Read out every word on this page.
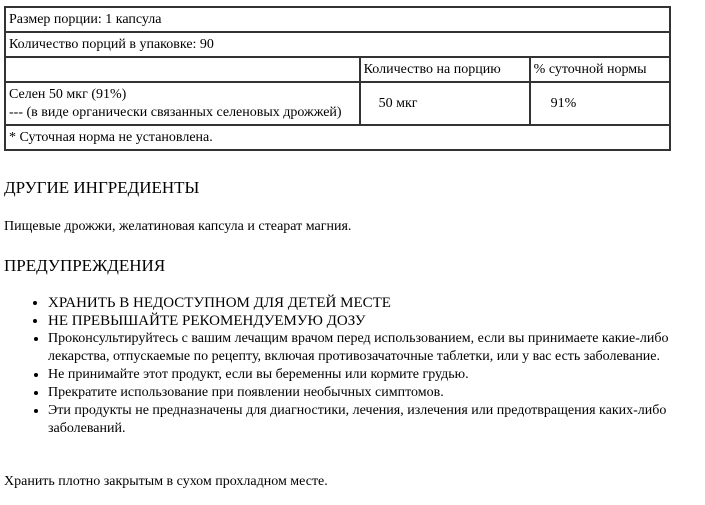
Размер порции: 1 капсула		
Количество порций в упаковке: 90		
	Количество на порцию	% суточной нормы

Селен 50 мкг (91%)
--- (в виде органически связанных селеновых дрожжей)	50 мкг	91%
* Суточная норма не установлена.		
ДРУГИЕ ИНГРЕДИЕНТЫ

Пищевые дрожжи, желатиновая капсула и стеарат магния.

ПРЕДУПРЕЖДЕНИЯ
• ХРАНИТЬ В НЕДОСТУПНОМ ДЛЯ ДЕТЕЙ МЕСТЕ
• НЕ ПРЕВЫШАЙТЕ РЕКОМЕНДУЕМУЮ ДОЗУ
• Проконсультируйтесь с вашим лечащим врачом перед использованием, если вы принимаете какие-либо лекарства, отпускаемые по рецепту, включая противозачаточные таблетки, или у вас есть заболевание.
• Не принимайте этот продукт, если вы беременны или кормите грудью.
• Прекратите использование при появлении необычных симптомов.
• Эти продукты не предназначены для диагностики, лечения, излечения или предотвращения каких-либо заболеваний.

Хранить плотно закрытым в сухом прохладном месте.
